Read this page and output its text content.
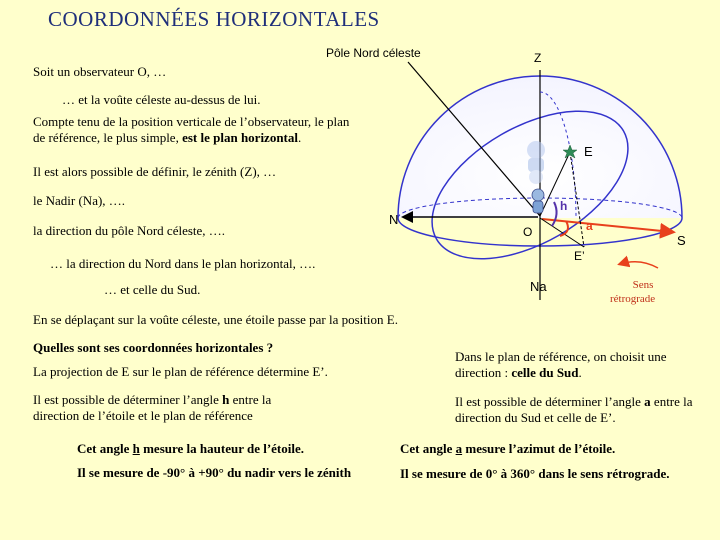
Pôle Nord céleste	Z
E
N
S
O
h
a
E’
Na	Sens
rétrograde
COORDONNÉES HORIZONTALES
Soit un observateur O, …
… et la voûte céleste au-dessus de lui.
Compte tenu de la position verticale de l’observateur, le plan de référence, le plus simple, est le plan horizontal.
Il est alors possible de définir, le zénith (Z), …
le Nadir (Na), ….
la direction du pôle Nord céleste, ….
… la direction du Nord dans le plan horizontal, ….
… et celle du Sud.
En se déplaçant sur la voûte céleste, une étoile passe par la position E.
Quelles sont ses coordonnées horizontales ?
La projection de E sur le plan de référence détermine E’.
Il est possible de déterminer l’angle h entre la direction de l’étoile et le plan de référence
Cet angle h mesure la hauteur de l’étoile.
Il se mesure de -90° à +90° du nadir vers le zénith
Dans le plan de référence, on choisit une direction : celle du Sud.
Il est possible de déterminer l’angle a entre la direction du Sud et celle de E’.
Cet angle a mesure l’azimut de l’étoile.
Il se mesure de 0° à 360° dans le sens rétrograde.
